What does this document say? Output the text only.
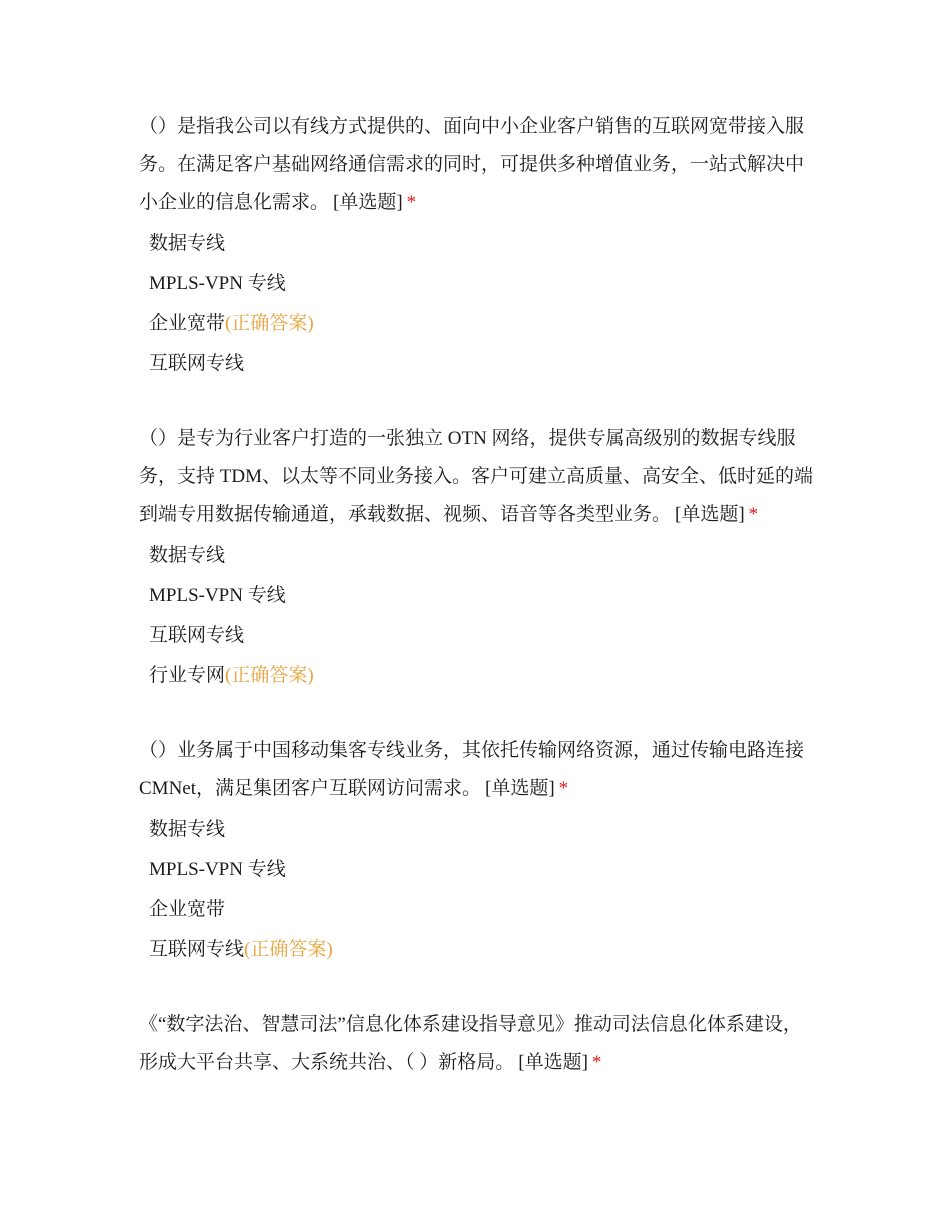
（）是指我公司以有线方式提供的、面向中小企业客户销售的互联网宽带接入服务。在满足客户基础网络通信需求的同时，可提供多种增值业务，一站式解决中小企业的信息化需求。 [单选题] *

数据专线
MPLS-VPN 专线
企业宽带(正确答案)
互联网专线

（）是专为行业客户打造的一张独立 OTN 网络，提供专属高级别的数据专线服务，支持 TDM、以太等不同业务接入。客户可建立高质量、高安全、低时延的端到端专用数据传输通道，承载数据、视频、语音等各类型业务。 [单选题] *

数据专线
MPLS-VPN 专线
互联网专线
行业专网(正确答案)

（）业务属于中国移动集客专线业务，其依托传输网络资源，通过传输电路连接 CMNet，满足集团客户互联网访问需求。 [单选题] *

数据专线
MPLS-VPN 专线
企业宽带
互联网专线(正确答案)

《“数字法治、智慧司法”信息化体系建设指导意见》推动司法信息化体系建设，形成大平台共享、大系统共治、（ ）新格局。 [单选题] *
